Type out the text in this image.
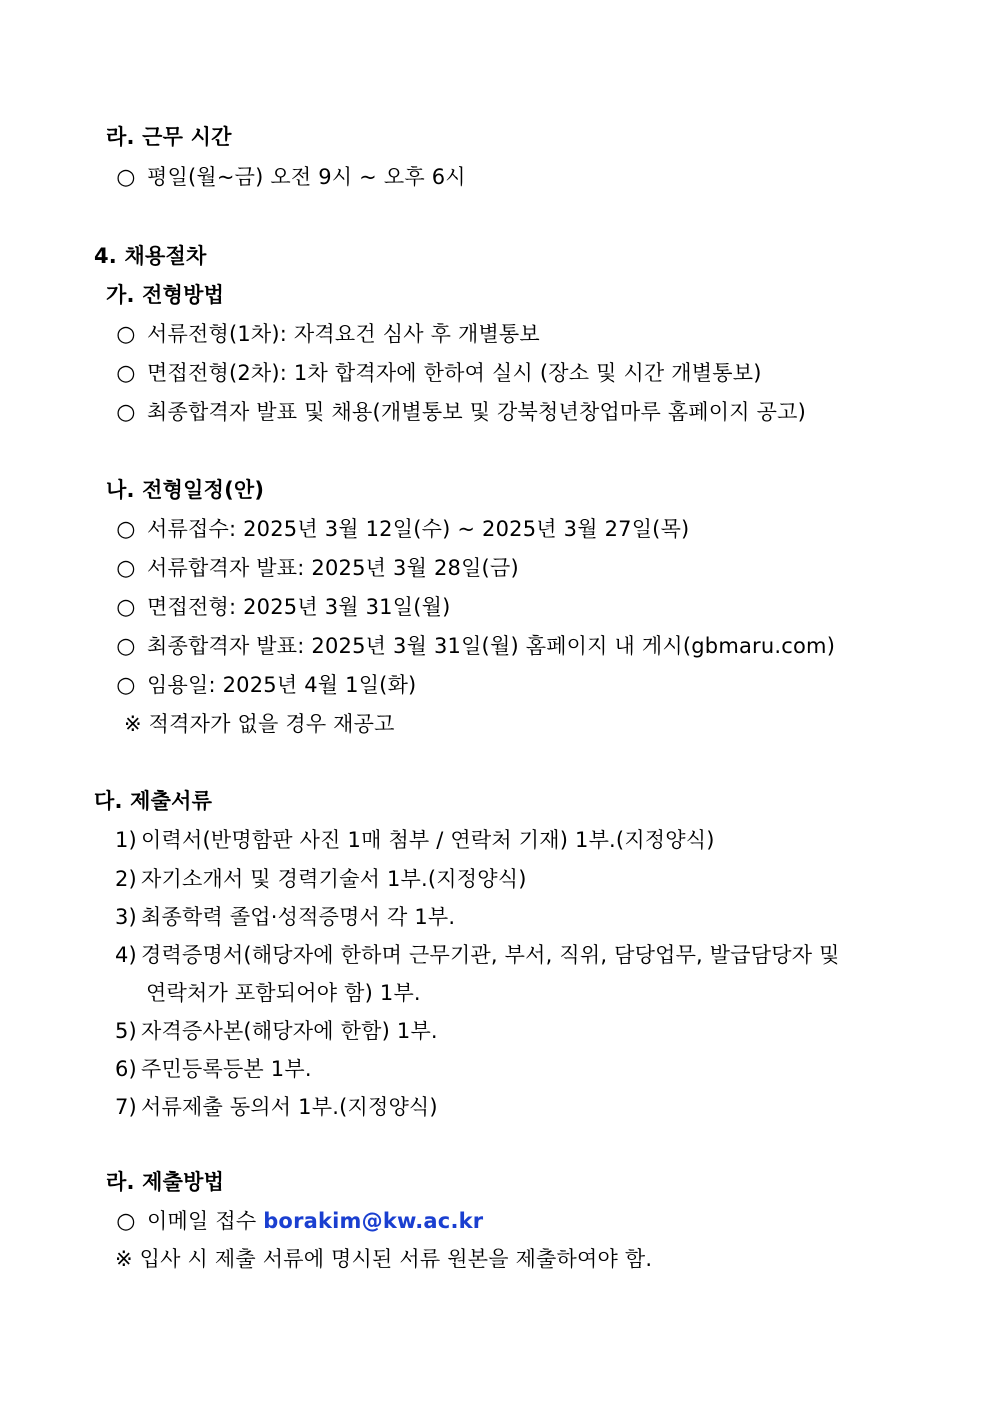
라. 근무 시간
○ 평일(월~금) 오전 9시 ~ 오후 6시
4. 채용절차
가. 전형방법
○ 서류전형(1차): 자격요건 심사 후 개별통보
○ 면접전형(2차): 1차 합격자에 한하여 실시 (장소 및 시간 개별통보)
○ 최종합격자 발표 및 채용(개별통보 및 강북청년창업마루 홈페이지 공고)
나. 전형일정(안)
○ 서류접수: 2025년 3월 12일(수) ~ 2025년 3월 27일(목)
○ 서류합격자 발표: 2025년 3월 28일(금)
○ 면접전형: 2025년 3월 31일(월)
○ 최종합격자 발표: 2025년 3월 31일(월) 홈페이지 내 게시(gbmaru.com)
○ 임용일: 2025년 4월 1일(화)
※ 적격자가 없을 경우 재공고
다. 제출서류
1) 이력서(반명함판 사진 1매 첨부 / 연락처 기재) 1부.(지정양식)
2) 자기소개서 및 경력기술서 1부.(지정양식)
3) 최종학력 졸업·성적증명서 각 1부.
4) 경력증명서(해당자에 한하며 근무기관, 부서, 직위, 담당업무, 발급담당자 및
연락처가 포함되어야 함) 1부.
5) 자격증사본(해당자에 한함) 1부.
6) 주민등록등본 1부.
7) 서류제출 동의서 1부.(지정양식)
라. 제출방법
○ 이메일 접수 borakim@kw.ac.kr
※ 입사 시 제출 서류에 명시된 서류 원본을 제출하여야 함.
